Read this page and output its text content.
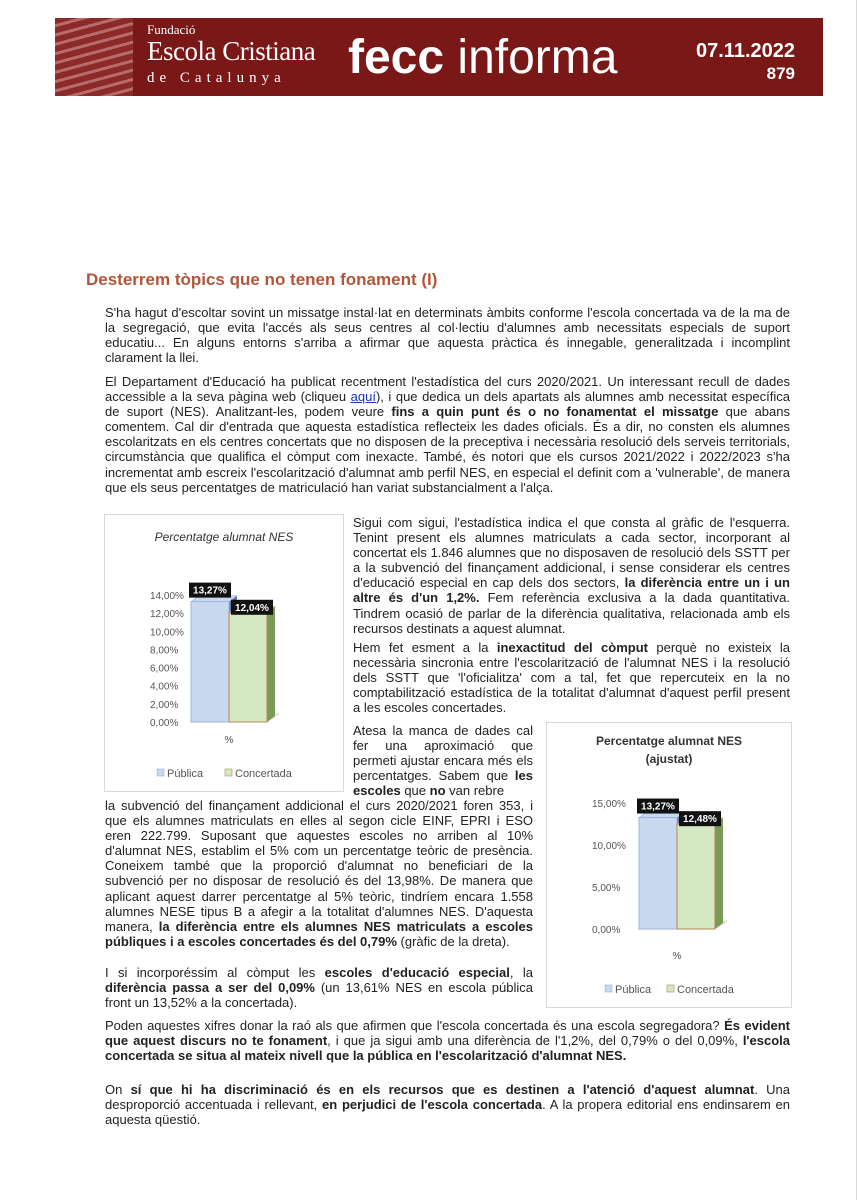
Fundació
Escola Cristiana
de Catalunya fecc informa	07.11.2022
879
Desterrem tòpics que no tenen fonament (I)

S'ha hagut d'escoltar sovint un missatge instal·lat en determinats àmbits conforme l'escola concertada va de la ma de la segregació, que evita l'accés als seus centres al col·lectiu d'alumnes amb necessitats especials de suport educatiu... En alguns entorns s'arriba a afirmar que aquesta pràctica és innegable, generalitzada i incomplint clarament la llei.

El Departament d'Educació ha publicat recentment l'estadística del curs 2020/2021. Un interessant recull de dades accessible a la seva pàgina web (cliqueu aquí), i que dedica un dels apartats als alumnes amb necessitat específica de suport (NES). Analitzant-les, podem veure fins a quin punt és o no fonamentat el missatge que abans comentem. Cal dir d'entrada que aquesta estadística reflecteix les dades oficials. És a dir, no consten els alumnes escolaritzats en els centres concertats que no disposen de la preceptiva i necessària resolució dels serveis territorials, circumstància que qualifica el còmput com inexacte. També, és notori que els cursos 2021/2022 i 2022/2023 s'ha incrementat amb escreix l'escolarització d'alumnat amb perfil NES, en especial el definit com a 'vulnerable', de manera que els seus percentatges de matriculació han variat substancialment a l'alça.

Sigui com sigui, l'estadística indica el que consta al gràfic de l'esquerra. Tenint present els alumnes matriculats a cada sector, incorporant al concertat els 1.846 alumnes que no disposaven de resolució dels SSTT per a la subvenció del finançament addicional, i sense considerar els centres d'educació especial en cap dels dos sectors, la diferència entre un i un altre és d'un 1,2%. Fem referència exclusiva a la dada quantitativa. Tindrem ocasió de parlar de la diferència qualitativa, relacionada amb els recursos destinats a aquest alumnat.

Hem fet esment a la inexactitud del còmput perquè no existeix la necessària sincronia entre l'escolarització de l'alumnat NES i la resolució dels SSTT que 'l'oficialitza' com a tal, fet que repercuteix en la no comptabilització estadística de la totalitat d'alumnat d'aquest perfil present a les escoles concertades.

Atesa la manca de dades cal fer una aproximació que permeti ajustar encara més els percentatges. Sabem que les escoles que no van rebre

la subvenció del finançament addicional el curs 2020/2021 foren 353, i que els alumnes matriculats en elles al segon cicle EINF, EPRI i ESO eren 222.799. Suposant que aquestes escoles no arriben al 10% d'alumnat NES, establim el 5% com un percentatge teòric de presència. Coneixem també que la proporció d'alumnat no beneficiari de la subvenció per no disposar de resolució és del 13,98%. De manera que aplicant aquest darrer percentatge al 5% teòric, tindríem encara 1.558 alumnes NESE tipus B a afegir a la totalitat d'alumnes NES. D'aquesta manera, la diferència entre els alumnes NES matriculats a escoles públiques i a escoles concertades és del 0,79% (gràfic de la dreta).

I si incorporéssim al còmput les escoles d'educació especial, la diferència passa a ser del 0,09% (un 13,61% NES en escola pública front un 13,52% a la concertada).

Poden aquestes xifres donar la raó als que afirmen que l'escola concertada és una escola segregadora? És evident que aquest discurs no te fonament, i que ja sigui amb una diferència de l'1,2%, del 0,79% o del 0,09%, l'escola concertada se situa al mateix nivell que la pública en l'escolarització d'alumnat NES.

On sí que hi ha discriminació és en els recursos que es destinen a l'atenció d'aquest alumnat. Una desproporció accentuada i rellevant, en perjudici de l'escola concertada. A la propera editorial ens endinsarem en aquesta qüestió.

Percentatge alumnat NES
0,00%
2,00%
4,00%
6,00%
8,00%
10,00%
12,00%
14,00% 13,27%
12,04%
%
Pública	Concertada
Percentatge alumnat NES
(ajustat)
0,00%
5,00%
10,00%
15,00% 13,27%
12,48%
%
Pública Concertada
